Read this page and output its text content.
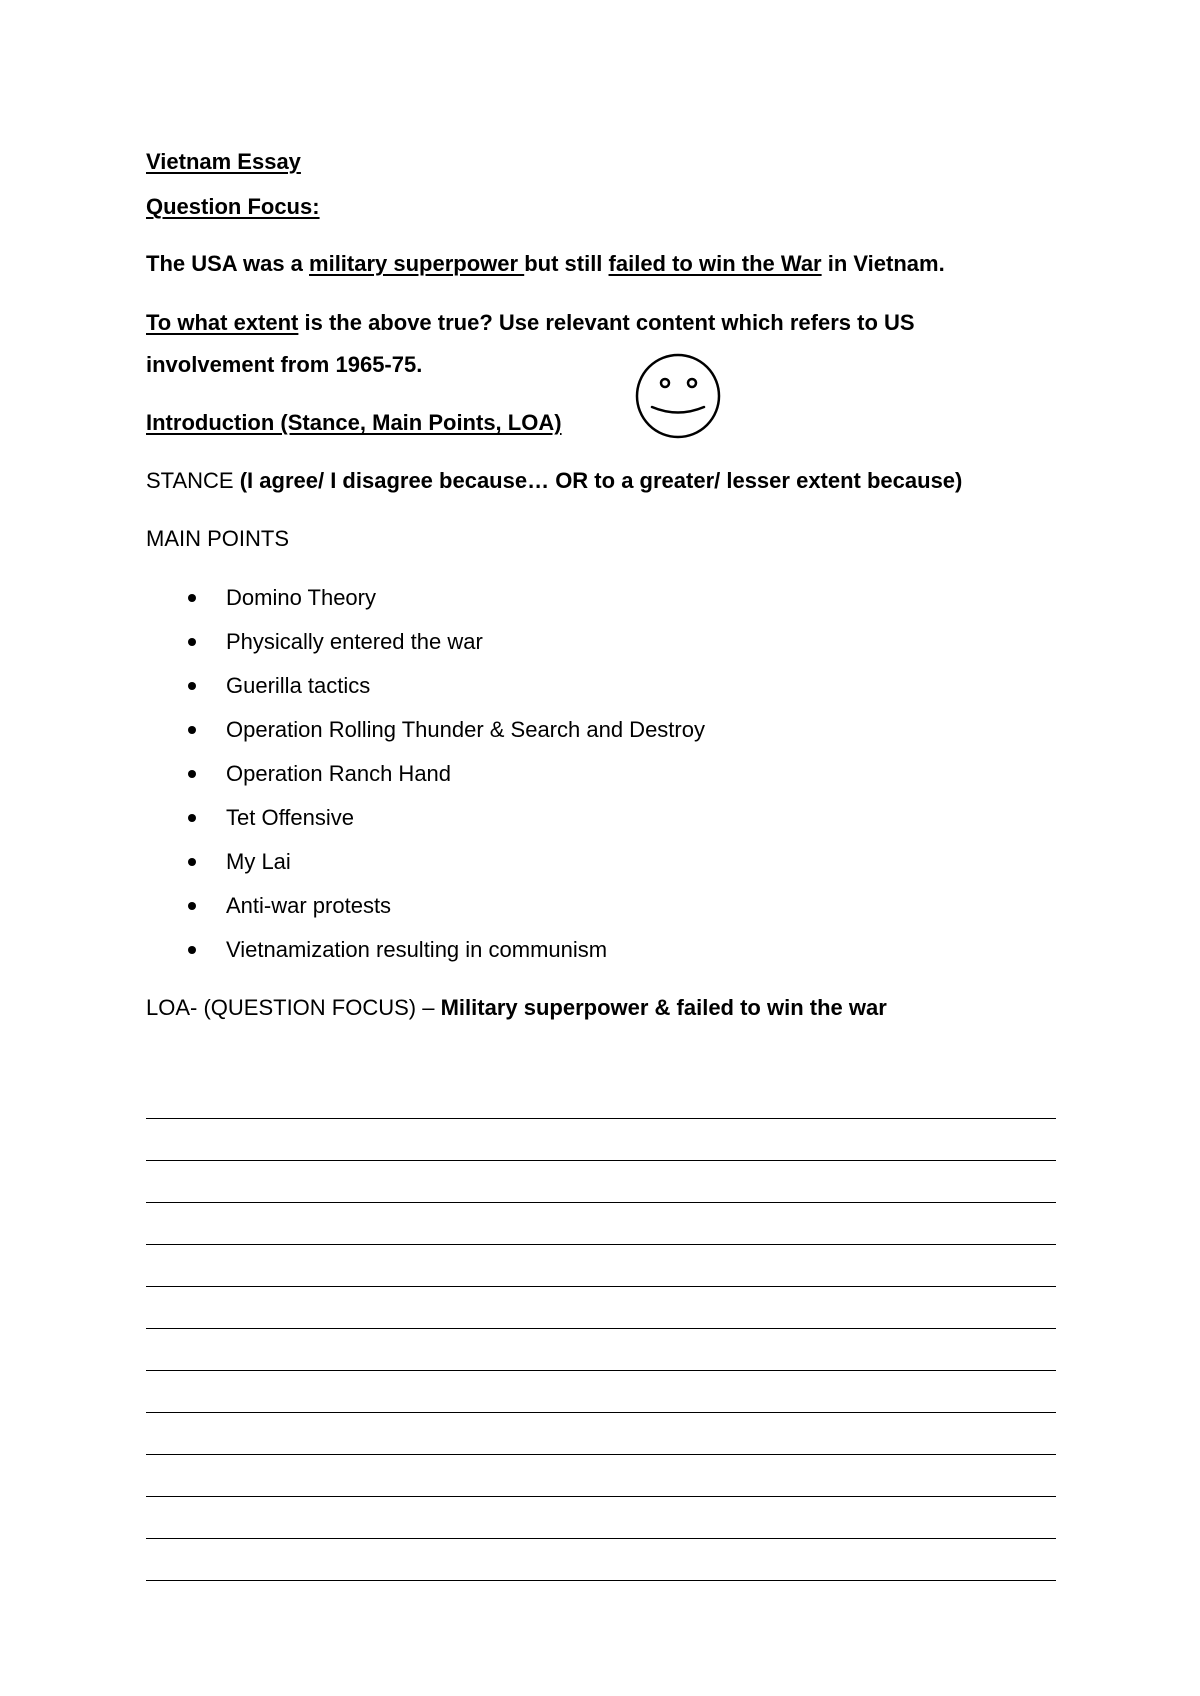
Vietnam Essay
Question Focus:
The USA was a military superpower but still failed to win the War in Vietnam.
To what extent is the above true? Use relevant content which refers to US
involvement from 1965-75.
Introduction (Stance, Main Points, LOA)
STANCE (I agree/ I disagree because… OR to a greater/ lesser extent because)
MAIN POINTS
Domino Theory
Physically entered the war
Guerilla tactics
Operation Rolling Thunder & Search and Destroy
Operation Ranch Hand
Tet Offensive
My Lai
Anti-war protests
Vietnamization resulting in communism
LOA- (QUESTION FOCUS) – Military superpower & failed to win the war
